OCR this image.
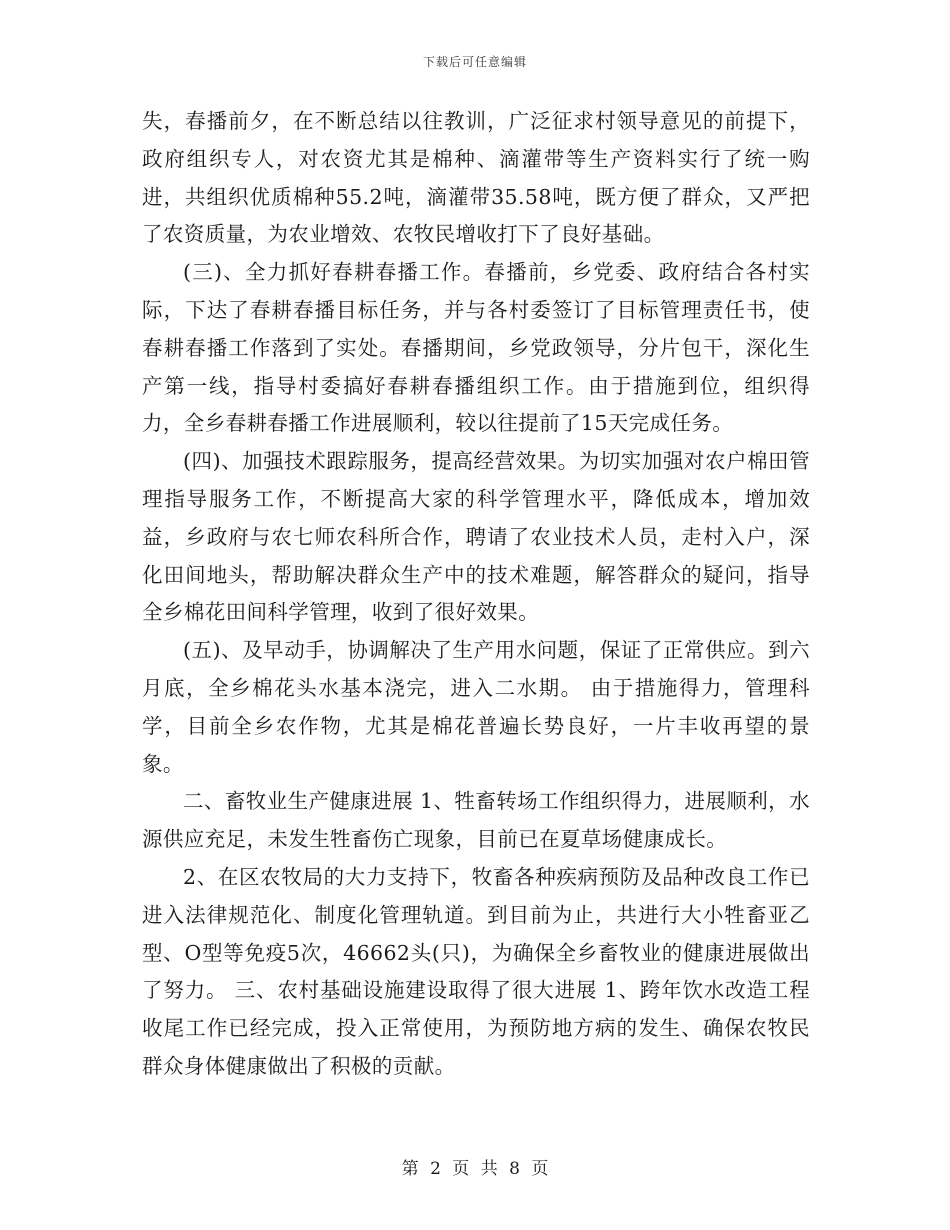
下载后可任意编辑

失，春播前夕，在不断总结以往教训，广泛征求村领导意见的前提下，政府组织专人，对农资尤其是棉种、滴灌带等生产资料实行了统一购进，共组织优质棉种55.2吨，滴灌带35.58吨，既方便了群众，又严把了农资质量，为农业增效、农牧民增收打下了良好基础。

(三)、全力抓好春耕春播工作。春播前，乡党委、政府结合各村实际，下达了春耕春播目标任务，并与各村委签订了目标管理责任书，使春耕春播工作落到了实处。春播期间，乡党政领导，分片包干，深化生产第一线，指导村委搞好春耕春播组织工作。由于措施到位，组织得力，全乡春耕春播工作进展顺利，较以往提前了15天完成任务。

(四)、加强技术跟踪服务，提高经营效果。为切实加强对农户棉田管理指导服务工作，不断提高大家的科学管理水平，降低成本，增加效益，乡政府与农七师农科所合作，聘请了农业技术人员，走村入户，深化田间地头，帮助解决群众生产中的技术难题，解答群众的疑问，指导全乡棉花田间科学管理，收到了很好效果。

(五)、及早动手，协调解决了生产用水问题，保证了正常供应。到六月底，全乡棉花头水基本浇完，进入二水期。 由于措施得力，管理科学，目前全乡农作物，尤其是棉花普遍长势良好，一片丰收再望的景象。

二、畜牧业生产健康进展 1、牲畜转场工作组织得力，进展顺利，水源供应充足，未发生牲畜伤亡现象，目前已在夏草场健康成长。

2、在区农牧局的大力支持下，牧畜各种疾病预防及品种改良工作已进入法律规范化、制度化管理轨道。到目前为止，共进行大小牲畜亚乙型、O型等免疫5次，46662头(只)，为确保全乡畜牧业的健康进展做出了努力。 三、农村基础设施建设取得了很大进展 1、跨年饮水改造工程收尾工作已经完成，投入正常使用，为预防地方病的发生、确保农牧民群众身体健康做出了积极的贡献。

第 2 页 共 8 页
